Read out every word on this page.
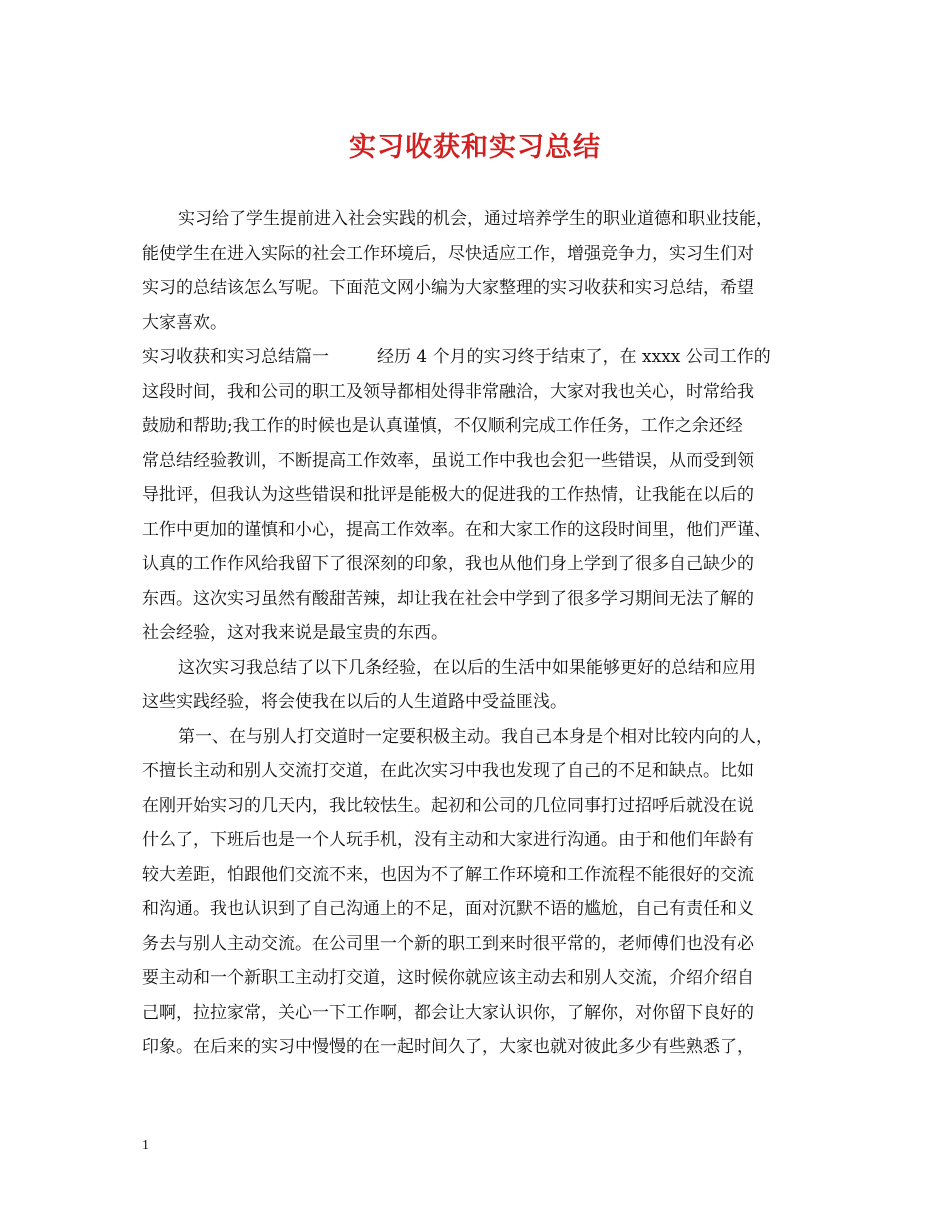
实习收获和实习总结
实习给了学生提前进入社会实践的机会，通过培养学生的职业道德和职业技能，
能使学生在进入实际的社会工作环境后，尽快适应工作，增强竞争力，实习生们对
实习的总结该怎么写呢。下面范文网小编为大家整理的实习收获和实习总结，希望
大家喜欢。
实习收获和实习总结篇一	经历 4 个月的实习终于结束了，在 xxxx 公司工作的
这段时间，我和公司的职工及领导都相处得非常融洽，大家对我也关心，时常给我
鼓励和帮助;我工作的时候也是认真谨慎，不仅顺利完成工作任务，工作之余还经
常总结经验教训，不断提高工作效率，虽说工作中我也会犯一些错误，从而受到领
导批评，但我认为这些错误和批评是能极大的促进我的工作热情，让我能在以后的
工作中更加的谨慎和小心，提高工作效率。在和大家工作的这段时间里，他们严谨、
认真的工作作风给我留下了很深刻的印象，我也从他们身上学到了很多自己缺少的
东西。这次实习虽然有酸甜苦辣，却让我在社会中学到了很多学习期间无法了解的
社会经验，这对我来说是最宝贵的东西。
这次实习我总结了以下几条经验，在以后的生活中如果能够更好的总结和应用
这些实践经验，将会使我在以后的人生道路中受益匪浅。
第一、在与别人打交道时一定要积极主动。我自己本身是个相对比较内向的人，
不擅长主动和别人交流打交道，在此次实习中我也发现了自己的不足和缺点。比如
在刚开始实习的几天内，我比较怯生。起初和公司的几位同事打过招呼后就没在说
什么了，下班后也是一个人玩手机，没有主动和大家进行沟通。由于和他们年龄有
较大差距，怕跟他们交流不来，也因为不了解工作环境和工作流程不能很好的交流
和沟通。我也认识到了自己沟通上的不足，面对沉默不语的尴尬，自己有责任和义
务去与别人主动交流。在公司里一个新的职工到来时很平常的，老师傅们也没有必
要主动和一个新职工主动打交道，这时候你就应该主动去和别人交流，介绍介绍自
己啊，拉拉家常，关心一下工作啊，都会让大家认识你，了解你，对你留下良好的
印象。在后来的实习中慢慢的在一起时间久了，大家也就对彼此多少有些熟悉了，
1
